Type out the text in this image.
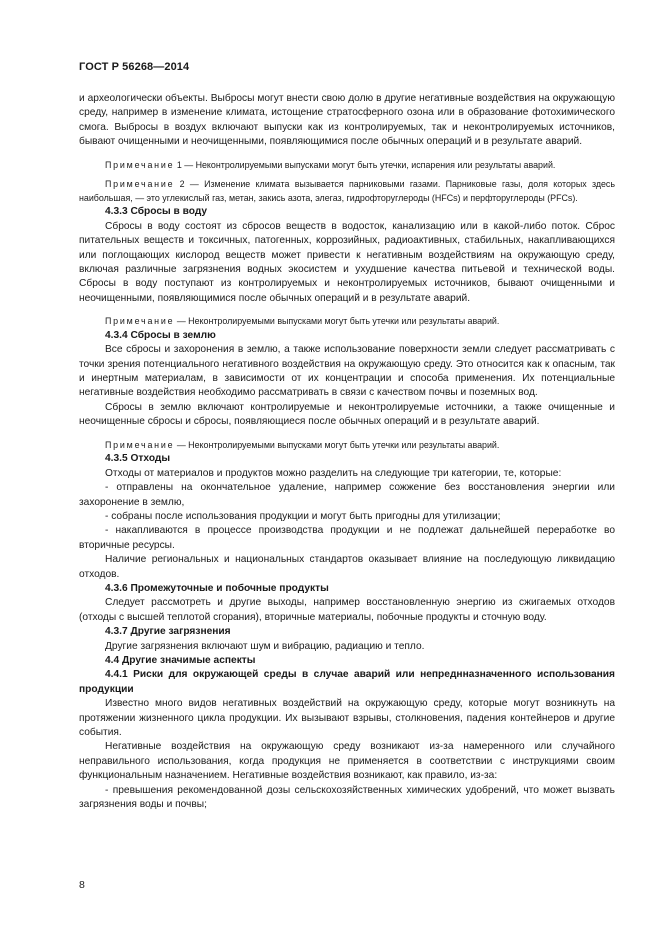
ГОСТ Р 56268—2014

и археологически объекты. Выбросы могут внести свою долю в другие негативные воздействия на окружающую среду, например в изменение климата, истощение стратосферного озона или в образование фотохимического смога. Выбросы в воздух включают выпуски как из контролируемых, так и неконтролируемых источников, бывают очищенными и неочищенными, появляющимися после обычных операций и в результате аварий.

Примечание 1 — Неконтролируемыми выпусками могут быть утечки, испарения или результаты аварий.

Примечание 2 — Изменение климата вызывается парниковыми газами. Парниковые газы, доля которых здесь наибольшая, — это углекислый газ, метан, закись азота, элегаз, гидрофторуглероды (HFCs) и перфторуглероды (PFCs).

4.3.3 Сбросы в воду

Сбросы в воду состоят из сбросов веществ в водосток, канализацию или в какой-либо поток. Сброс питательных веществ и токсичных, патогенных, коррозийных, радиоактивных, стабильных, накапливающихся или поглощающих кислород веществ может привести к негативным воздействиям на окружающую среду, включая различные загрязнения водных экосистем и ухудшение качества питьевой и технической воды. Сбросы в воду поступают из контролируемых и неконтролируемых источников, бывают очищенными и неочищенными, появляющимися после обычных операций и в результате аварий.

Примечание — Неконтролируемыми выпусками могут быть утечки или результаты аварий.

4.3.4 Сбросы в землю

Все сбросы и захоронения в землю, а также использование поверхности земли следует рассматривать с точки зрения потенциального негативного воздействия на окружающую среду. Это относится как к опасным, так и инертным материалам, в зависимости от их концентрации и способа применения. Их потенциальные негативные воздействия необходимо рассматривать в связи с качеством почвы и поземных вод.

Сбросы в землю включают контролируемые и неконтролируемые источники, а также очищенные и неочищенные сбросы и сбросы, появляющиеся после обычных операций и в результате аварий.

Примечание — Неконтролируемыми выпусками могут быть утечки или результаты аварий.

4.3.5 Отходы

Отходы от материалов и продуктов можно разделить на следующие три категории, те, которые:

- отправлены на окончательное удаление, например сожжение без восстановления энергии или захоронение в землю,

- собраны после использования продукции и могут быть пригодны для утилизации;

- накапливаются в процессе производства продукции и не подлежат дальнейшей переработке во вторичные ресурсы.

Наличие региональных и национальных стандартов оказывает влияние на последующую ликвидацию отходов.

4.3.6 Промежуточные и побочные продукты

Следует рассмотреть и другие выходы, например восстановленную энергию из сжигаемых отходов (отходы с высшей теплотой сгорания), вторичные материалы, побочные продукты и сточную воду.

4.3.7 Другие загрязнения

Другие загрязнения включают шум и вибрацию, радиацию и тепло.

4.4 Другие значимые аспекты

4.4.1 Риски для окружающей среды в случае аварий или непреднназначенного использования продукции

Известно много видов негативных воздействий на окружающую среду, которые могут возникнуть на протяжении жизненного цикла продукции. Их вызывают взрывы, столкновения, падения контейнеров и другие события.

Негативные воздействия на окружающую среду возникают из-за намеренного или случайного неправильного использования, когда продукция не применяется в соответствии с инструкциями своим функциональным назначением. Негативные воздействия возникают, как правило, из-за:

- превышения рекомендованной дозы сельскохозяйственных химических удобрений, что может вызвать загрязнения воды и почвы;

8
